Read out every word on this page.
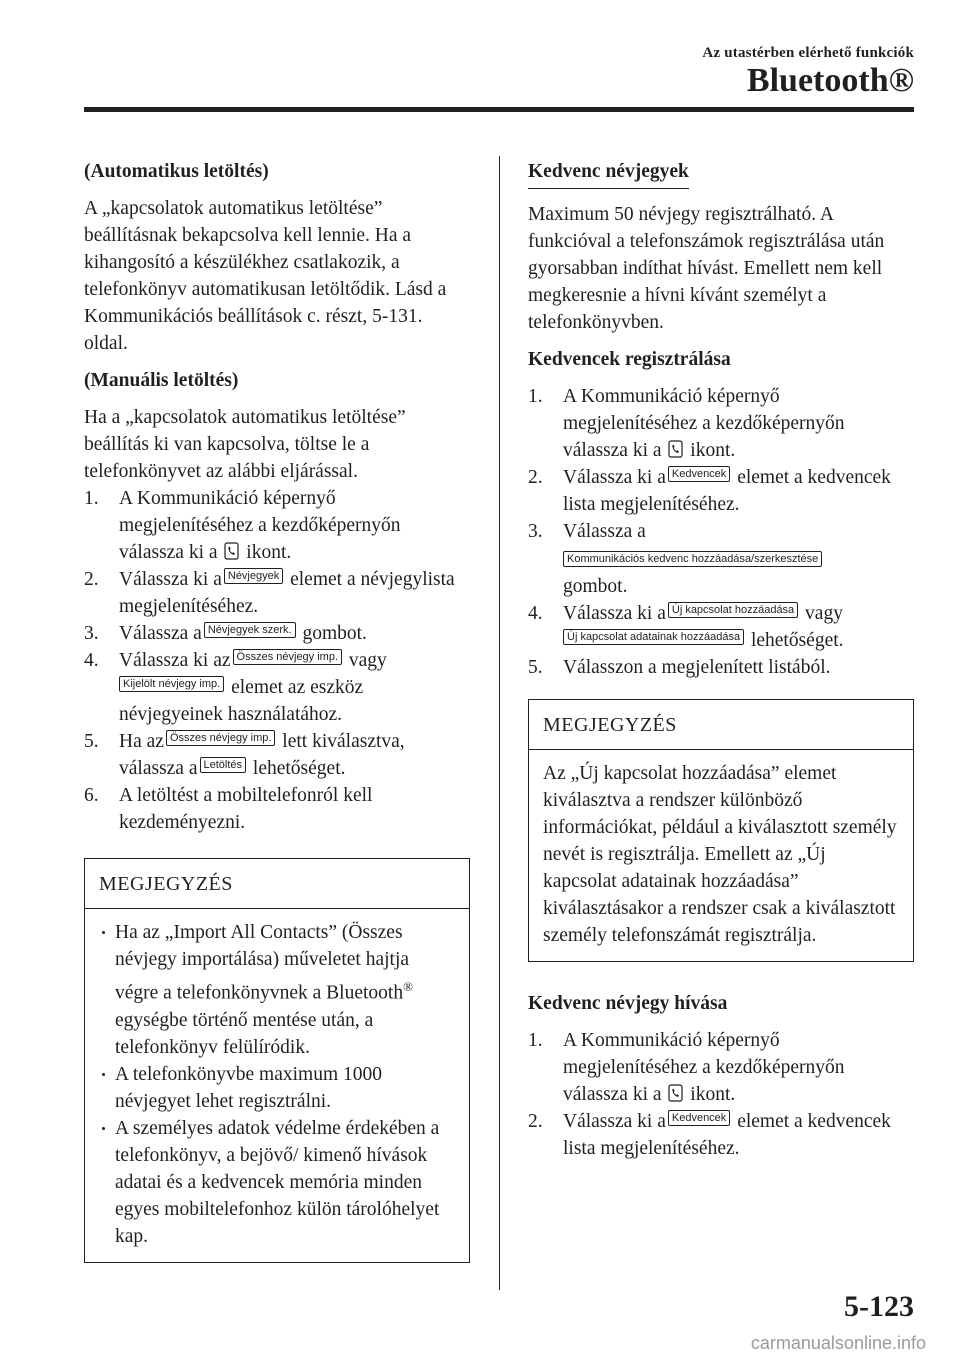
Az utastérben elérhető funkciók
Bluetooth®

(Automatikus letöltés)

A „kapcsolatok automatikus letöltése” beállításnak bekapcsolva kell lennie. Ha a kihangosító a készülékhez csatlakozik, a telefonkönyv automatikusan letöltődik. Lásd a Kommunikációs beállítások c. részt, 5-131. oldal.

(Manuális letöltés)

Ha a „kapcsolatok automatikus letöltése” beállítás ki van kapcsolva, töltse le a telefonkönyvet az alábbi eljárással.

1. A Kommunikáció képernyő megjelenítéséhez a kezdőképernyőn válassza ki a ikont.
2. Válassza ki a Névjegyek elemet a névjegylista megjelenítéséhez.
3. Válassza a Névjegyek szerk. gombot.
4. Válassza ki az Összes névjegy imp. vagy Kijelölt névjegy imp. elemet az eszköz névjegyeinek használatához.
5. Ha az Összes névjegy imp. lett kiválasztva, válassza a Letöltés lehetőséget.
6. A letöltést a mobiltelefonról kell kezdeményezni.
MEGJEGYZÉS
Ha az „Import All Contacts” (Összes névjegy importálása) műveletet hajtja végre a telefonkönyvnek a Bluetooth® egységbe történő mentése után, a telefonkönyv felülíródik.
A telefonkönyvbe maximum 1000 névjegyet lehet regisztrálni.
A személyes adatok védelme érdekében a telefonkönyv, a bejövő/ kimenő hívások adatai és a kedvencek memória minden egyes mobiltelefonhoz külön tárolóhelyet kap.
Kedvenc névjegyek

Maximum 50 névjegy regisztrálható. A funkcióval a telefonszámok regisztrálása után gyorsabban indíthat hívást. Emellett nem kell megkeresnie a hívni kívánt személyt a telefonkönyvben.

Kedvencek regisztrálása

1. A Kommunikáció képernyő megjelenítéséhez a kezdőképernyőn válassza ki a ikont.
2. Válassza ki a Kedvencek elemet a kedvencek lista megjelenítéséhez.
3. Válassza a
Kommunikációs kedvenc hozzáadása/szerkesztése
gombot.
4. Válassza ki a Új kapcsolat hozzáadása vagy Új kapcsolat adatainak hozzáadása lehetőséget.
5. Válasszon a megjelenített listából.
MEGJEGYZÉS

Az „Új kapcsolat hozzáadása” elemet kiválasztva a rendszer különböző információkat, például a kiválasztott személy nevét is regisztrálja. Emellett az „Új kapcsolat adatainak hozzáadása” kiválasztásakor a rendszer csak a kiválasztott személy telefonszámát regisztrálja.

Kedvenc névjegy hívása

1. A Kommunikáció képernyő megjelenítéséhez a kezdőképernyőn válassza ki a ikont.
2. Válassza ki a Kedvencek elemet a kedvencek lista megjelenítéséhez.
5-123
carmanualsonline.info
